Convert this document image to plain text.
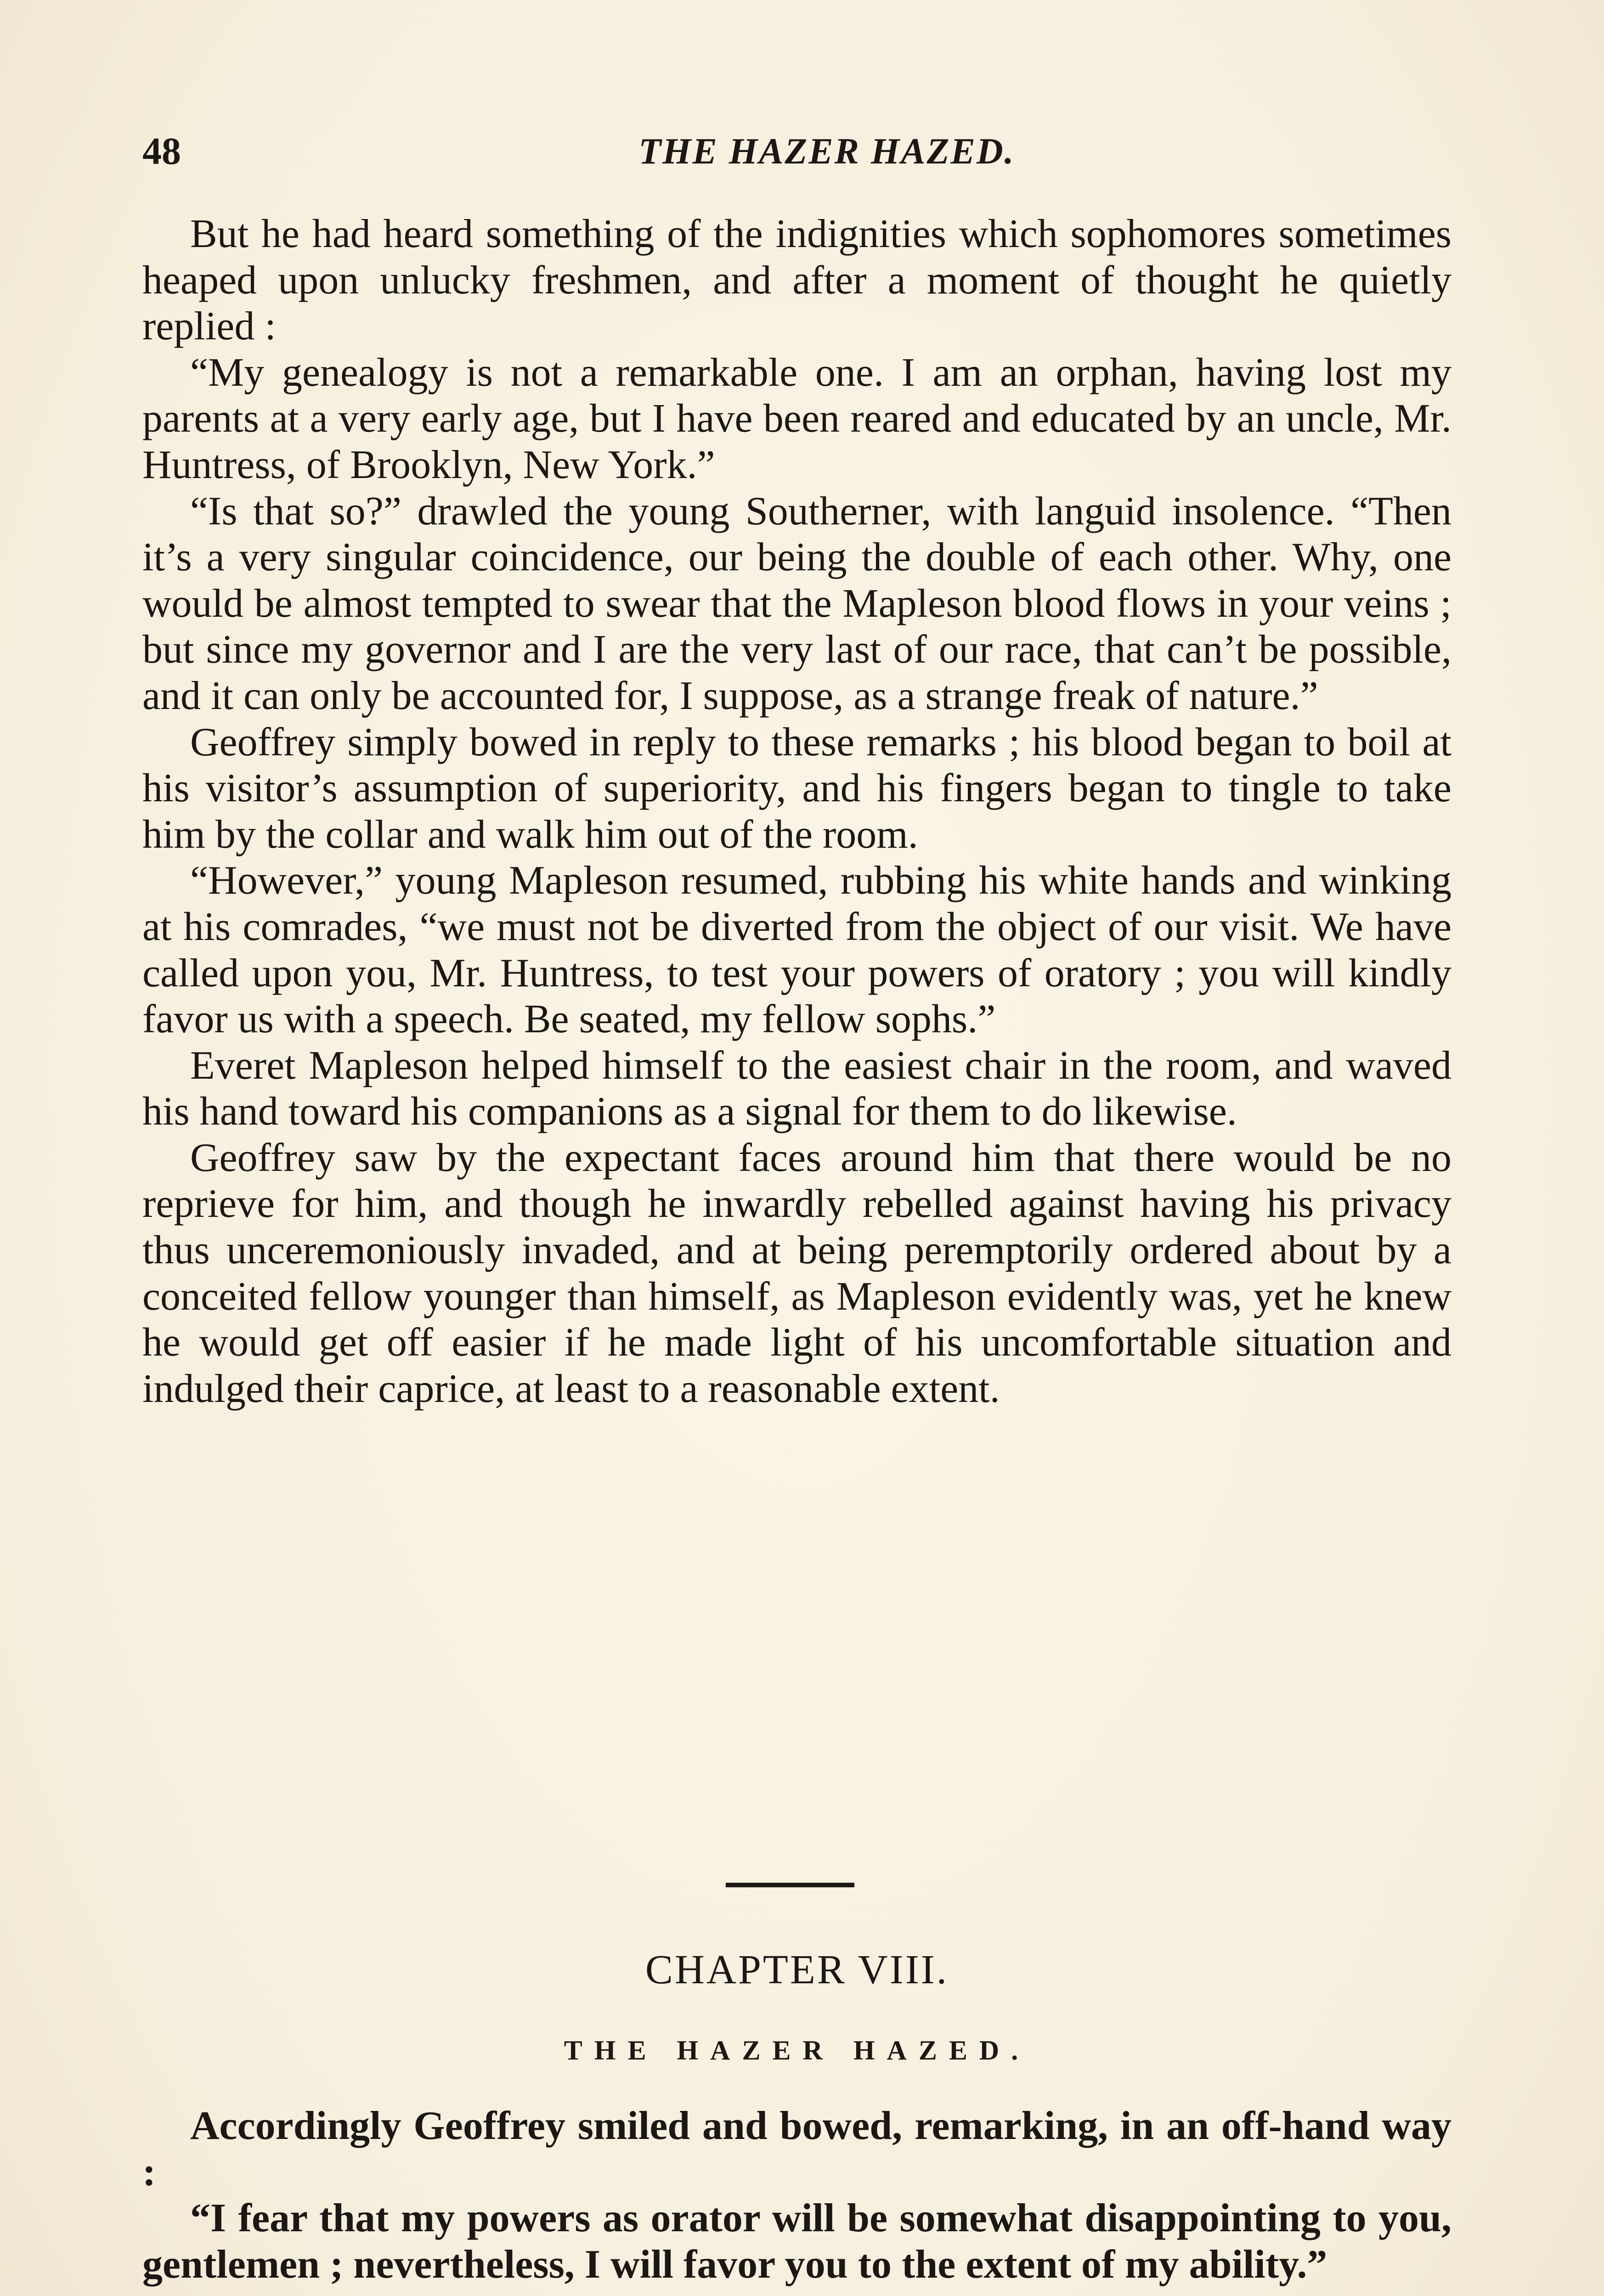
48	THE HAZER HAZED.

But he had heard something of the indignities which sophomores sometimes heaped upon unlucky freshmen, and after a moment of thought he quietly replied :

“My genealogy is not a remarkable one. I am an orphan, having lost my parents at a very early age, but I have been reared and educated by an uncle, Mr. Huntress, of Brooklyn, New York.”

“Is that so?” drawled the young Southerner, with languid insolence. “Then it’s a very singular coincidence, our being the double of each other. Why, one would be almost tempted to swear that the Mapleson blood flows in your veins ; but since my governor and I are the very last of our race, that can’t be possible, and it can only be accounted for, I suppose, as a strange freak of nature.”

Geoffrey simply bowed in reply to these remarks ; his blood began to boil at his visitor’s assumption of superiority, and his fingers began to tingle to take him by the collar and walk him out of the room.

“However,” young Mapleson resumed, rubbing his white hands and winking at his comrades, “we must not be diverted from the object of our visit. We have called upon you, Mr. Huntress, to test your powers of oratory ; you will kindly favor us with a speech. Be seated, my fellow sophs.”

Everet Mapleson helped himself to the easiest chair in the room, and waved his hand toward his companions as a signal for them to do likewise.

Geoffrey saw by the expectant faces around him that there would be no reprieve for him, and though he inwardly rebelled against having his privacy thus unceremoniously invaded, and at being peremptorily ordered about by a conceited fellow younger than himself, as Mapleson evidently was, yet he knew he would get off easier if he made light of his uncomfortable situation and indulged their caprice, at least to a reasonable extent.

CHAPTER VIII.
THE HAZER HAZED.

Accordingly Geoffrey smiled and bowed, remarking, in an off-hand way :

“I fear that my powers as orator will be somewhat disappointing to you, gentlemen ; nevertheless, I will favor you to the extent of my ability.”
